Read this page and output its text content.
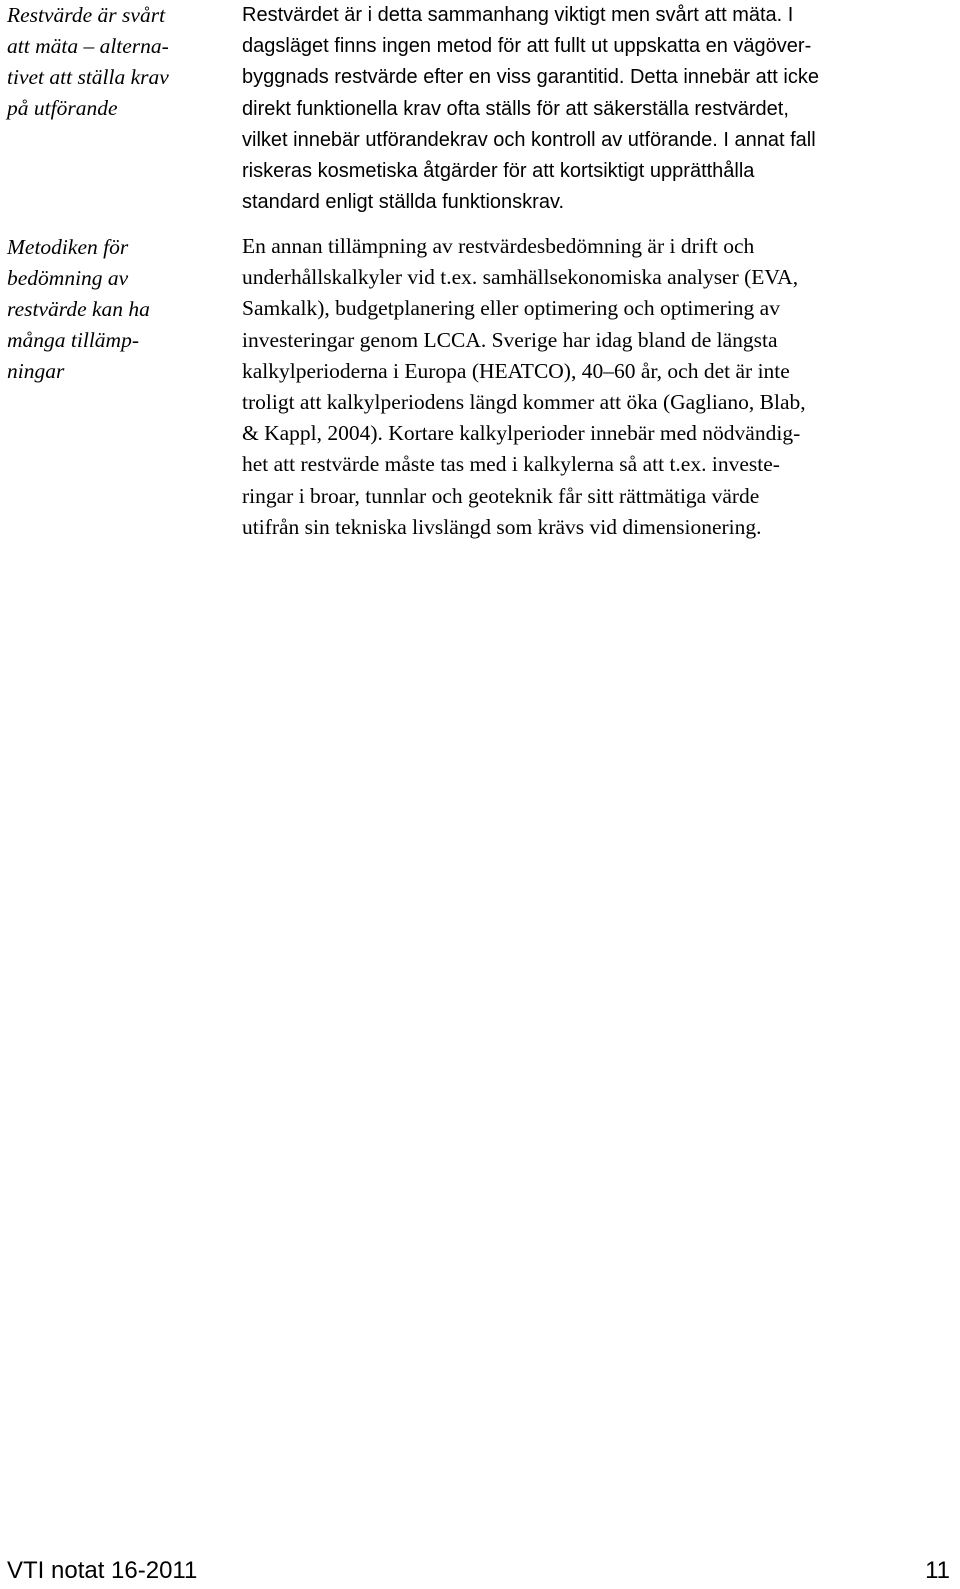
Restvärde är svårt
att mäta – alterna-
tivet att ställa krav
på utförande
Metodiken för
bedömning av
restvärde kan ha
många tillämp-
ningar
Restvärdet är i detta sammanhang viktigt men svårt att mäta. I
dagsläget finns ingen metod för att fullt ut uppskatta en vägöver-
byggnads restvärde efter en viss garantitid. Detta innebär att icke
direkt funktionella krav ofta ställs för att säkerställa restvärdet,
vilket innebär utförandekrav och kontroll av utförande. I annat fall
riskeras kosmetiska åtgärder för att kortsiktigt upprätthålla
standard enligt ställda funktionskrav.
En annan tillämpning av restvärdesbedömning är i drift och
underhållskalkyler vid t.ex. samhällsekonomiska analyser (EVA,
Samkalk), budgetplanering eller optimering och optimering av
investeringar genom LCCA. Sverige har idag bland de längsta
kalkylperioderna i Europa (HEATCO), 40–60 år, och det är inte
troligt att kalkylperiodens längd kommer att öka (Gagliano, Blab,
& Kappl, 2004). Kortare kalkylperioder innebär med nödvändig-
het att restvärde måste tas med i kalkylerna så att t.ex. investe-
ringar i broar, tunnlar och geoteknik får sitt rättmätiga värde
utifrån sin tekniska livslängd som krävs vid dimensionering.
VTI notat 16-2011	11
